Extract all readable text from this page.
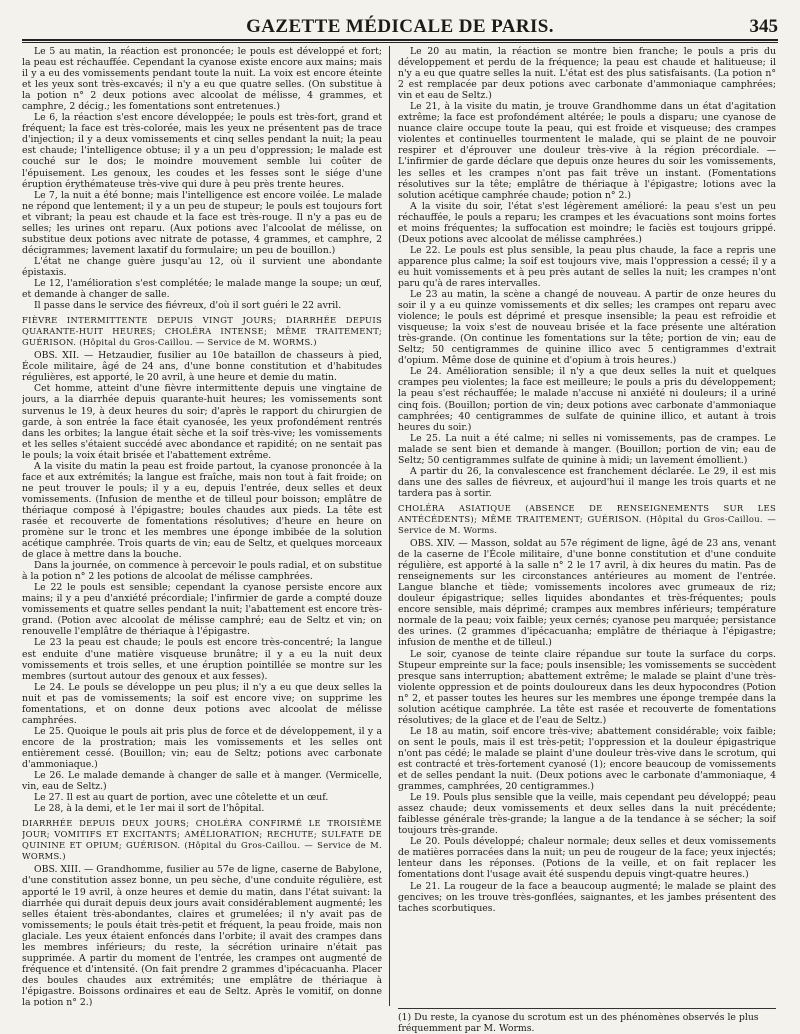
GAZETTE MÉDICALE DE PARIS.	345

Le 5 au matin, la réaction est prononcée; le pouls est développé et fort; la peau est réchauffée. Cependant la cyanose existe encore aux mains; mais il y a eu des vomissements pendant toute la nuit. La voix est encore éteinte et les yeux sont très-excavés; il n'y a eu que quatre selles. (On substitue à la potion n° 2 deux potions avec alcoolat de mélisse, 4 grammes, et camphre, 2 décig.; les fomentations sont entretenues.)

Le 6, la réaction s'est encore développée; le pouls est très-fort, grand et fréquent; la face est très-colorée, mais les yeux ne présentent pas de trace d'injection; il y a deux vomissements et cinq selles pendant la nuit; la peau est chaude; l'intelligence obtuse; il y a un peu d'oppression; le malade est couché sur le dos; le moindre mouvement semble lui coûter de l'épuisement. Les genoux, les coudes et les fesses sont le siége d'une éruption érythémateuse très-vive qui dure à peu près trente heures.

Le 7, la nuit a été bonne; mais l'intelligence est encore voilée. Le malade ne répond que lentement; il y a un peu de stupeur; le pouls est toujours fort et vibrant; la peau est chaude et la face est très-rouge. Il n'y a pas eu de selles; les urines ont reparu. (Aux potions avec l'alcoolat de mélisse, on substitue deux potions avec nitrate de potasse, 4 grammes, et camphre, 2 décigrammes; lavement laxatif du formulaire; un peu de bouillon.)

L'état ne change guère jusqu'au 12, où il survient une abondante épistaxis.

Le 12, l'amélioration s'est complétée; le malade mange la soupe; un œuf, et demande à changer de salle.

Il passe dans le service des fiévreux, d'où il sort guéri le 22 avril.

FIÈVRE INTERMITTENTE DEPUIS VINGT JOURS; DIARRHÉE DEPUIS QUARANTE-HUIT HEURES; CHOLÉRA INTENSE; MÊME TRAITEMENT; GUÉRISON. (Hôpital du Gros-Caillou. — Service de M. WORMS.)

OBS. XII. — Hetzaudier, fusilier au 10e bataillon de chasseurs à pied, École militaire, âgé de 24 ans, d'une bonne constitution et d'habitudes régulières, est apporté, le 20 avril, à une heure et demie du matin.

Cet homme, atteint d'une fièvre intermittente depuis une vingtaine de jours, a la diarrhée depuis quarante-huit heures; les vomissements sont survenus le 19, à deux heures du soir; d'après le rapport du chirurgien de garde, à son entrée la face était cyanosée, les yeux profondément rentrés dans les orbites; la langue était sèche et la soif très-vive; les vomissements et les selles s'étaient succédé avec abondance et rapidité; on ne sentait pas le pouls; la voix était brisée et l'abattement extrême.

A la visite du matin la peau est froide partout, la cyanose prononcée à la face et aux extrémités; la langue est fraîche, mais non tout à fait froide; on ne peut trouver le pouls; il y a eu, depuis l'entrée, deux selles et deux vomissements. (Infusion de menthe et de tilleul pour boisson; emplâtre de thériaque composé à l'épigastre; boules chaudes aux pieds. La tête est rasée et recouverte de fomentations résolutives; d'heure en heure on promène sur le tronc et les membres une éponge imbibée de la solution acétique camphrée. Trois quarts de vin; eau de Seltz, et quelques morceaux de glace à mettre dans la bouche.

Dans la journée, on commence à percevoir le pouls radial, et on substitue à la potion n° 2 les potions de alcoolat de mélisse camphrées.

Le 22 le pouls est sensible; cependant la cyanose persiste encore aux mains; il y a peu d'anxiété précordiale; l'infirmier de garde a compté douze vomissements et quatre selles pendant la nuit; l'abattement est encore très-grand. (Potion avec alcoolat de mélisse camphré; eau de Seltz et vin; on renouvelle l'emplâtre de thériaque à l'épigastre.

Le 23 la peau est chaude; le pouls est encore très-concentré; la langue est enduite d'une matière visqueuse brunâtre; il y a eu la nuit deux vomissements et trois selles, et une éruption pointillée se montre sur les membres (surtout autour des genoux et aux fesses).

Le 24. Le pouls se développe un peu plus; il n'y a eu que deux selles la nuit et pas de vomissements; la soif est encore vive; on supprime les fomentations, et on donne deux potions avec alcoolat de mélisse camphrées.

Le 25. Quoique le pouls ait pris plus de force et de développement, il y a encore de la prostration; mais les vomissements et les selles ont entièrement cessé. (Bouillon; vin; eau de Seltz; potions avec carbonate d'ammoniaque.)

Le 26. Le malade demande à changer de salle et à manger. (Vermicelle, vin, eau de Seltz.)

Le 27. Il est au quart de portion, avec une côtelette et un œuf.

Le 28, à la demi, et le 1er mai il sort de l'hôpital.

DIARRHÉE DEPUIS DEUX JOURS; CHOLÉRA CONFIRMÉ LE TROISIÈME JOUR; VOMITIFS ET EXCITANTS; AMÉLIORATION; RECHUTE; SULFATE DE QUININE ET OPIUM; GUÉRISON. (Hôpital du Gros-Caillou. — Service de M. WORMS.)

OBS. XIII. — Grandhomme, fusilier au 57e de ligne, caserne de Babylone, d'une constitution assez bonne, un peu sèche, d'une conduite régulière, est apporté le 19 avril, à onze heures et demie du matin, dans l'état suivant: la diarrhée qui durait depuis deux jours avait considérablement augmenté; les selles étaient très-abondantes, claires et grumelées; il n'y avait pas de vomissements; le pouls était très-petit et fréquent, la peau froide, mais non glaciale. Les yeux étaient enfoncés dans l'orbite; il avait des crampes dans les membres inférieurs; du reste, la sécrétion urinaire n'était pas supprimée. A partir du moment de l'entrée, les crampes ont augmenté de fréquence et d'intensité. (On fait prendre 2 grammes d'ipécacuanha. Placer des boules chaudes aux extrémités; une emplâtre de thériaque à l'épigastre. Boissons ordinaires et eau de Seltz. Après le vomitif, on donne la potion n° 2.)

Le 20 au matin, la réaction se montre bien franche; le pouls a pris du développement et perdu de la fréquence; la peau est chaude et halitueuse; il n'y a eu que quatre selles la nuit. L'état est des plus satisfaisants. (La potion n° 2 est remplacée par deux potions avec carbonate d'ammoniaque camphrées; vin et eau de Seltz.)

Le 21, à la visite du matin, je trouve Grandhomme dans un état d'agitation extrême; la face est profondément altérée; le pouls a disparu; une cyanose de nuance claire occupe toute la peau, qui est froide et visqueuse; des crampes violentes et continuelles tourmentent le malade, qui se plaint de ne pouvoir respirer et d'éprouver une douleur très-vive à la région précordiale. — L'infirmier de garde déclare que depuis onze heures du soir les vomissements, les selles et les crampes n'ont pas fait trêve un instant. (Fomentations résolutives sur la tête; emplâtre de thériaque à l'épigastre; lotions avec la solution acétique camphrée chaude; potion n° 2.)

A la visite du soir, l'état s'est légèrement amélioré: la peau s'est un peu réchauffée, le pouls a reparu; les crampes et les évacuations sont moins fortes et moins fréquentes; la suffocation est moindre; le faciès est toujours grippé. (Deux potions avec alcoolat de mélisse camphrées.)

Le 22. Le pouls est plus sensible, la peau plus chaude, la face a repris une apparence plus calme; la soif est toujours vive, mais l'oppression a cessé; il y a eu huit vomissements et à peu près autant de selles la nuit; les crampes n'ont paru qu'à de rares intervalles.

Le 23 au matin, la scène a changé de nouveau. A partir de onze heures du soir il y a eu quinze vomissements et dix selles; les crampes ont reparu avec violence; le pouls est déprimé et presque insensible; la peau est refroidie et visqueuse; la voix s'est de nouveau brisée et la face présente une altération très-grande. (On continue les fomentations sur la tête; portion de vin; eau de Seltz; 50 centigrammes de quinine illico avec 5 centigrammes d'extrait d'opium. Même dose de quinine et d'opium à trois heures.)

Le 24. Amélioration sensible; il n'y a que deux selles la nuit et quelques crampes peu violentes; la face est meilleure; le pouls a pris du développement; la peau s'est réchauffée; le malade n'accuse ni anxiété ni douleurs; il a uriné cinq fois. (Bouillon; portion de vin; deux potions avec carbonate d'ammoniaque camphrées; 40 centigrammes de sulfate de quinine illico, et autant à trois heures du soir.)

Le 25. La nuit a été calme; ni selles ni vomissements, pas de crampes. Le malade se sent bien et demande à manger. (Bouillon; portion de vin; eau de Seltz; 50 centigrammes sulfate de quinine à midi; un lavement émollient.)

A partir du 26, la convalescence est franchement déclarée. Le 29, il est mis dans une des salles de fiévreux, et aujourd'hui il mange les trois quarts et ne tardera pas à sortir.

CHOLÉRA ASIATIQUE (ABSENCE DE RENSEIGNEMENTS SUR LES ANTÉCÉDENTS); MÊME TRAITEMENT; GUÉRISON. (Hôpital du Gros-Caillou. — Service de M. Worms.

OBS. XIV. — Masson, soldat au 57e régiment de ligne, âgé de 23 ans, venant de la caserne de l'École militaire, d'une bonne constitution et d'une conduite régulière, est apporté à la salle n° 2 le 17 avril, à dix heures du matin. Pas de renseignements sur les circonstances antérieures au moment de l'entrée. Langue blanche et tiède; vomissements incolores avec grumeaux de riz; douleur épigastrique; selles liquides abondantes et très-fréquentes; pouls encore sensible, mais déprimé; crampes aux membres inférieurs; température normale de la peau; voix faible; yeux cernés; cyanose peu marquée; persistance des urines. (2 grammes d'ipécacuanha; emplâtre de thériaque à l'épigastre; infusion de menthe et de tilleul.)

Le soir, cyanose de teinte claire répandue sur toute la surface du corps. Stupeur empreinte sur la face; pouls insensible; les vomissements se succèdent presque sans interruption; abattement extrême; le malade se plaint d'une très-violente oppression et de points douloureux dans les deux hypocondres (Potion n° 2, et passer toutes les heures sur les membres une éponge trempée dans la solution acétique camphrée. La tête est rasée et recouverte de fomentations résolutives; de la glace et de l'eau de Seltz.)

Le 18 au matin, soif encore très-vive; abattement considérable; voix faible; on sent le pouls, mais il est très-petit; l'oppression et la douleur épigastrique n'ont pas cédé; le malade se plaint d'une douleur très-vive dans le scrotum, qui est contracté et très-fortement cyanosé (1); encore beaucoup de vomissements et de selles pendant la nuit. (Deux potions avec le carbonate d'ammoniaque, 4 grammes, camphrées, 20 centigrammes.)

Le 19. Pouls plus sensible que la veille, mais cependant peu développé; peau assez chaude; deux vomissements et deux selles dans la nuit précédente; faiblesse générale très-grande; la langue a de la tendance à se sécher; la soif toujours très-grande.

Le 20. Pouls développé; chaleur normale; deux selles et deux vomissements de matières porracées dans la nuit; un peu de rougeur de la face; yeux injectés; lenteur dans les réponses. (Potions de la veille, et on fait replacer les fomentations dont l'usage avait été suspendu depuis vingt-quatre heures.)

Le 21. La rougeur de la face a beaucoup augmenté; le malade se plaint des gencives; on les trouve très-gonflées, saignantes, et les jambes présentent des taches scorbutiques.

(1) Du reste, la cyanose du scrotum est un des phénomènes observés le plus fréquemment par M. Worms.
